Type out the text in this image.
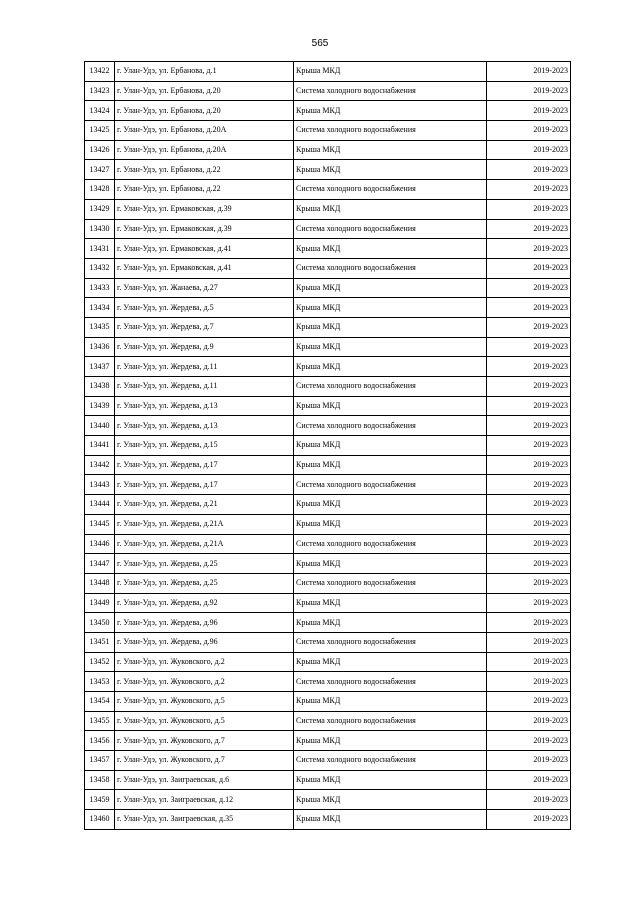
565
13422	г. Улан-Удэ, ул. Ербанова, д.1	Крыша МКД	2019-2023
13423	г. Улан-Удэ, ул. Ербанова, д.20	Система холодного водоснабжения	2019-2023
13424	г. Улан-Удэ, ул. Ербанова, д.20	Крыша МКД	2019-2023
13425	г. Улан-Удэ, ул. Ербанова, д.20А	Система холодного водоснабжения	2019-2023
13426	г. Улан-Удэ, ул. Ербанова, д.20А	Крыша МКД	2019-2023
13427	г. Улан-Удэ, ул. Ербанова, д.22	Крыша МКД	2019-2023
13428	г. Улан-Удэ, ул. Ербанова, д.22	Система холодного водоснабжения	2019-2023
13429	г. Улан-Удэ, ул. Ермаковская, д.39	Крыша МКД	2019-2023
13430	г. Улан-Удэ, ул. Ермаковская, д.39	Система холодного водоснабжения	2019-2023
13431	г. Улан-Удэ, ул. Ермаковская, д.41	Крыша МКД	2019-2023
13432	г. Улан-Удэ, ул. Ермаковская, д.41	Система холодного водоснабжения	2019-2023
13433	г. Улан-Удэ, ул. Жанаева, д.27	Крыша МКД	2019-2023
13434	г. Улан-Удэ, ул. Жердева, д.5	Крыша МКД	2019-2023
13435	г. Улан-Удэ, ул. Жердева, д.7	Крыша МКД	2019-2023
13436	г. Улан-Удэ, ул. Жердева, д.9	Крыша МКД	2019-2023
13437	г. Улан-Удэ, ул. Жердева, д.11	Крыша МКД	2019-2023
13438	г. Улан-Удэ, ул. Жердева, д.11	Система холодного водоснабжения	2019-2023
13439	г. Улан-Удэ, ул. Жердева, д.13	Крыша МКД	2019-2023
13440	г. Улан-Удэ, ул. Жердева, д.13	Система холодного водоснабжения	2019-2023
13441	г. Улан-Удэ, ул. Жердева, д.15	Крыша МКД	2019-2023
13442	г. Улан-Удэ, ул. Жердева, д.17	Крыша МКД	2019-2023
13443	г. Улан-Удэ, ул. Жердева, д.17	Система холодного водоснабжения	2019-2023
13444	г. Улан-Удэ, ул. Жердева, д.21	Крыша МКД	2019-2023
13445	г. Улан-Удэ, ул. Жердева, д.21А	Крыша МКД	2019-2023
13446	г. Улан-Удэ, ул. Жердева, д.21А	Система холодного водоснабжения	2019-2023
13447	г. Улан-Удэ, ул. Жердева, д.25	Крыша МКД	2019-2023
13448	г. Улан-Удэ, ул. Жердева, д.25	Система холодного водоснабжения	2019-2023
13449	г. Улан-Удэ, ул. Жердева, д.92	Крыша МКД	2019-2023
13450	г. Улан-Удэ, ул. Жердева, д.96	Крыша МКД	2019-2023
13451	г. Улан-Удэ, ул. Жердева, д.96	Система холодного водоснабжения	2019-2023
13452	г. Улан-Удэ, ул. Жуковского, д.2	Крыша МКД	2019-2023
13453	г. Улан-Удэ, ул. Жуковского, д.2	Система холодного водоснабжения	2019-2023
13454	г. Улан-Удэ, ул. Жуковского, д.5	Крыша МКД	2019-2023
13455	г. Улан-Удэ, ул. Жуковского, д.5	Система холодного водоснабжения	2019-2023
13456	г. Улан-Удэ, ул. Жуковского, д.7	Крыша МКД	2019-2023
13457	г. Улан-Удэ, ул. Жуковского, д.7	Система холодного водоснабжения	2019-2023
13458	г. Улан-Удэ, ул. Заиграевская, д.6	Крыша МКД	2019-2023
13459	г. Улан-Удэ, ул. Заиграевская, д.12	Крыша МКД	2019-2023
13460	г. Улан-Удэ, ул. Заиграевская, д.35	Крыша МКД	2019-2023
